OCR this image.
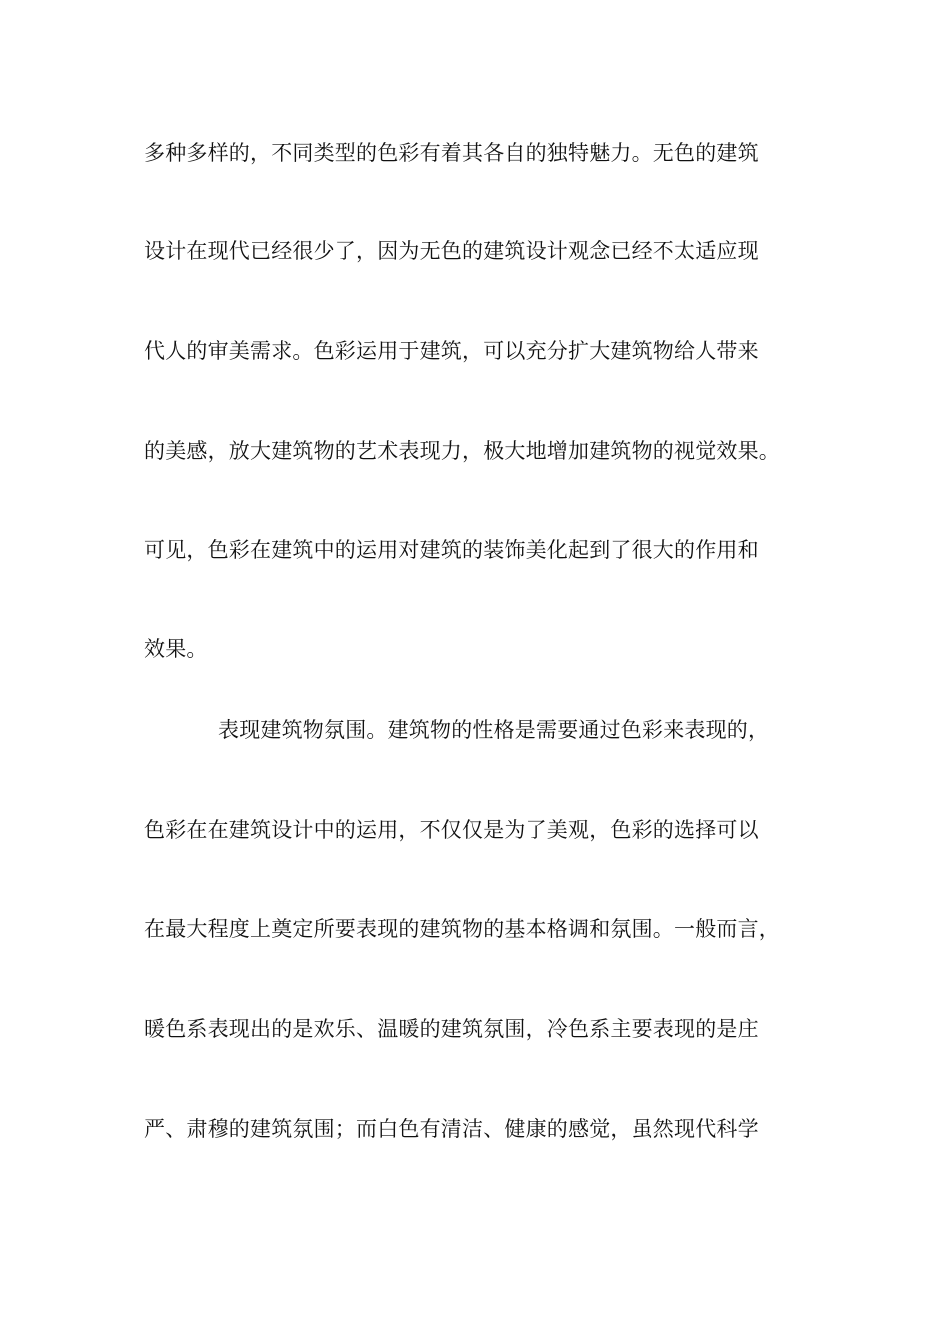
多种多样的，不同类型的色彩有着其各自的独特魅力。无色的建筑
设计在现代已经很少了，因为无色的建筑设计观念已经不太适应现
代人的审美需求。色彩运用于建筑，可以充分扩大建筑物给人带来
的美感，放大建筑物的艺术表现力，极大地增加建筑物的视觉效果。
可见，色彩在建筑中的运用对建筑的装饰美化起到了很大的作用和
效果。
表现建筑物氛围。建筑物的性格是需要通过色彩来表现的，
色彩在在建筑设计中的运用，不仅仅是为了美观，色彩的选择可以
在最大程度上奠定所要表现的建筑物的基本格调和氛围。一般而言，
暖色系表现出的是欢乐、温暖的建筑氛围，冷色系主要表现的是庄
严、肃穆的建筑氛围；而白色有清洁、健康的感觉，虽然现代科学
